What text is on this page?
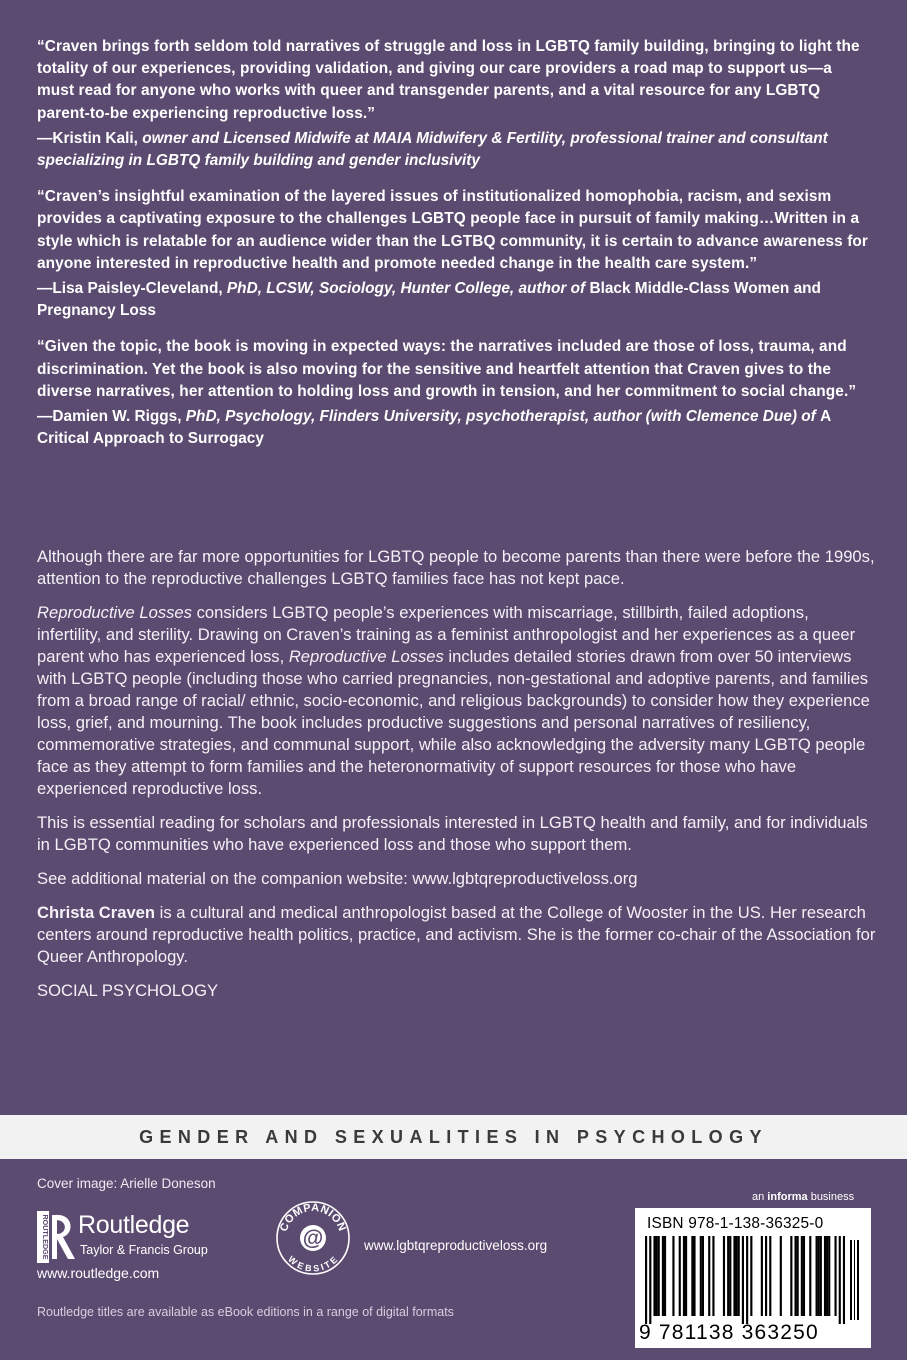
“Craven brings forth seldom told narratives of struggle and loss in LGBTQ family building, bringing to light the totality of our experiences, providing validation, and giving our care providers a road map to support us—a must read for anyone who works with queer and transgender parents, and a vital resource for any LGBTQ parent-to-be experiencing reproductive loss.”

—Kristin Kali, owner and Licensed Midwife at MAIA Midwifery & Fertility, professional trainer and consultant specializing in LGBTQ family building and gender inclusivity

“Craven’s insightful examination of the layered issues of institutionalized homophobia, racism, and sexism provides a captivating exposure to the challenges LGBTQ people face in pursuit of family making…Written in a style which is relatable for an audience wider than the LGTBQ community, it is certain to advance awareness for anyone interested in reproductive health and promote needed change in the health care system.”

—Lisa Paisley-Cleveland, PhD, LCSW, Sociology, Hunter College, author of Black Middle-Class Women and Pregnancy Loss

“Given the topic, the book is moving in expected ways: the narratives included are those of loss, trauma, and discrimination. Yet the book is also moving for the sensitive and heartfelt attention that Craven gives to the diverse narratives, her attention to holding loss and growth in tension, and her commitment to social change.”

—Damien W. Riggs, PhD, Psychology, Flinders University, psychotherapist, author (with Clemence Due) of A Critical Approach to Surrogacy

Although there are far more opportunities for LGBTQ people to become parents than there were before the 1990s, attention to the reproductive challenges LGBTQ families face has not kept pace.

Reproductive Losses considers LGBTQ people’s experiences with miscarriage, stillbirth, failed adoptions, infertility, and sterility. Drawing on Craven’s training as a feminist anthropologist and her experiences as a queer parent who has experienced loss, Reproductive Losses includes detailed stories drawn from over 50 interviews with LGBTQ people (including those who carried pregnancies, non-gestational and adoptive parents, and families from a broad range of racial/ ethnic, socio-economic, and religious backgrounds) to consider how they experience loss, grief, and mourning. The book includes productive suggestions and personal narratives of resiliency, commemorative strategies, and communal support, while also acknowledging the adversity many LGBTQ people face as they attempt to form families and the heteronormativity of support resources for those who have experienced reproductive loss.

This is essential reading for scholars and professionals interested in LGBTQ health and family, and for individuals in LGBTQ communities who have experienced loss and those who support them.

See additional material on the companion website: www.lgbtqreproductiveloss.org

Christa Craven is a cultural and medical anthropologist based at the College of Wooster in the US. Her research centers around reproductive health politics, practice, and activism. She is the former co-chair of the Association for Queer Anthropology.

SOCIAL PSYCHOLOGY

GENDER AND SEXUALITIES IN PSYCHOLOGY
Cover image: Arielle Doneson
ROUTLEDGE Routledge
Taylor & Francis Group
www.routledge.com
COMPANION
WEBSITE
@	www.lgbtqreproductiveloss.org
Routledge titles are available as eBook editions in a range of digital formats
an informa business
ISBN 978-1-138-36325-0
9 781138 363250
